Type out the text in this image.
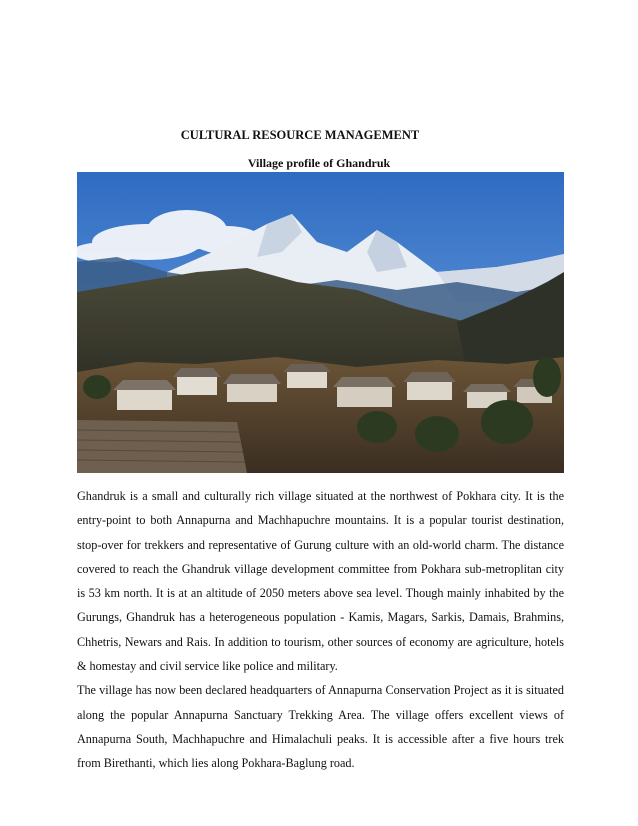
CULTURAL RESOURCE MANAGEMENT
Village profile of Ghandruk

Ghandruk is a small and culturally rich village situated at the northwest of Pokhara city. It is the entry-point to both Annapurna and Machhapuchre mountains. It is a popular tourist destination, stop-over for trekkers and representative of Gurung culture with an old-world charm. The distance covered to reach the Ghandruk village development committee from Pokhara sub-metroplitan city is 53 km north. It is at an altitude of 2050 meters above sea level. Though mainly inhabited by the Gurungs, Ghandruk has a heterogeneous population - Kamis, Magars, Sarkis, Damais, Brahmins, Chhetris, Newars and Rais. In addition to tourism, other sources of economy are agriculture, hotels & homestay and civil service like police and military.

The village has now been declared headquarters of Annapurna Conservation Project as it is situated along the popular Annapurna Sanctuary Trekking Area. The village offers excellent views of Annapurna South, Machhapuchre and Himalachuli peaks. It is accessible after a five hours trek from Birethanti, which lies along Pokhara-Baglung road.
